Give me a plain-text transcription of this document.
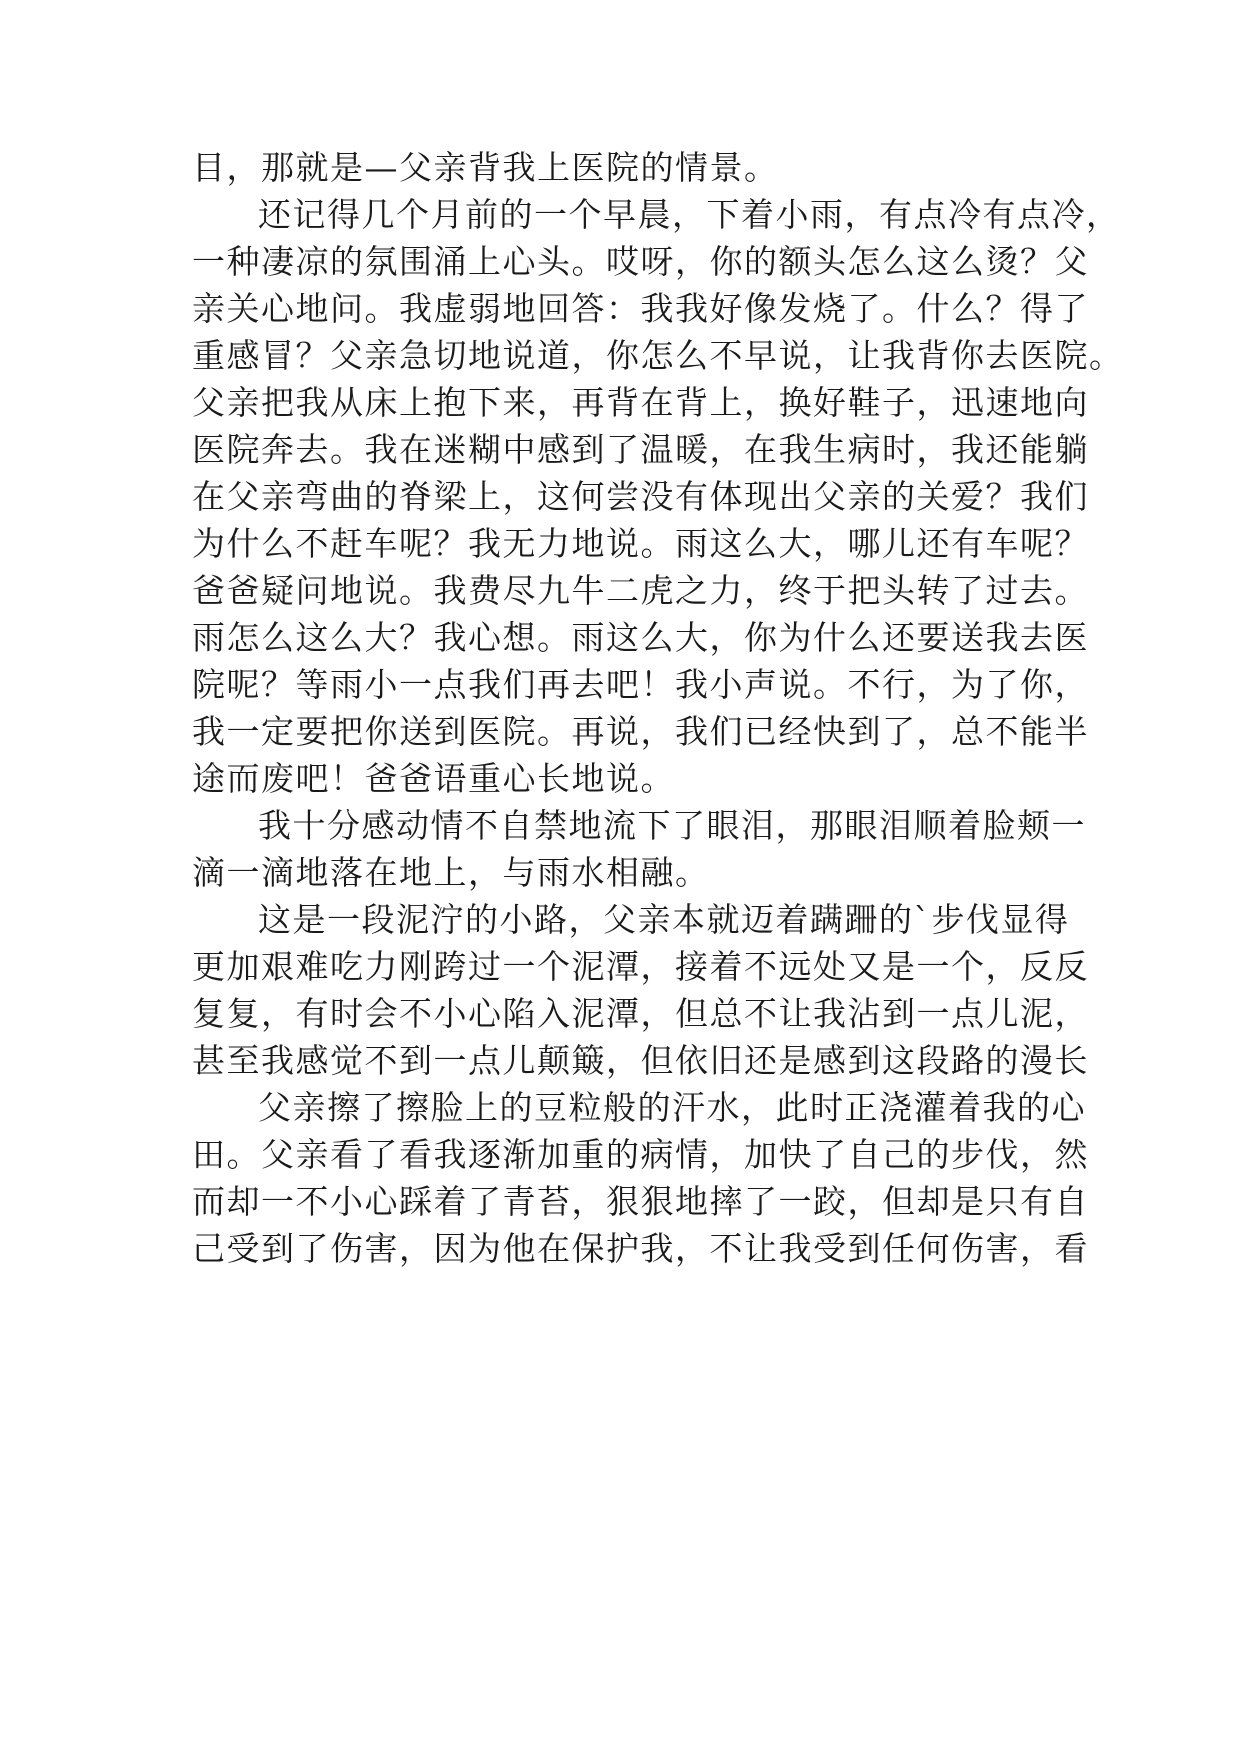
目，那就是—父亲背我上医院的情景。
还记得几个月前的一个早晨，下着小雨，有点冷有点冷，
一种凄凉的氛围涌上心头。哎呀，你的额头怎么这么烫？父
亲关心地问。我虚弱地回答：我我好像发烧了。什么？得了
重感冒？父亲急切地说道，你怎么不早说，让我背你去医院。
父亲把我从床上抱下来，再背在背上，换好鞋子，迅速地向
医院奔去。我在迷糊中感到了温暖，在我生病时，我还能躺
在父亲弯曲的脊梁上，这何尝没有体现出父亲的关爱？我们
为什么不赶车呢？我无力地说。雨这么大，哪儿还有车呢？
爸爸疑问地说。我费尽九牛二虎之力，终于把头转了过去。
雨怎么这么大？我心想。雨这么大，你为什么还要送我去医
院呢？等雨小一点我们再去吧！我小声说。不行，为了你，
我一定要把你送到医院。再说，我们已经快到了，总不能半
途而废吧！爸爸语重心长地说。
我十分感动情不自禁地流下了眼泪，那眼泪顺着脸颊一
滴一滴地落在地上，与雨水相融。
这是一段泥泞的小路，父亲本就迈着蹒跚的`步伐显得
更加艰难吃力刚跨过一个泥潭，接着不远处又是一个，反反
复复，有时会不小心陷入泥潭，但总不让我沾到一点儿泥，
甚至我感觉不到一点儿颠簸，但依旧还是感到这段路的漫长
父亲擦了擦脸上的豆粒般的汗水，此时正浇灌着我的心
田。父亲看了看我逐渐加重的病情，加快了自己的步伐，然
而却一不小心踩着了青苔，狠狠地摔了一跤，但却是只有自
己受到了伤害，因为他在保护我，不让我受到任何伤害，看
